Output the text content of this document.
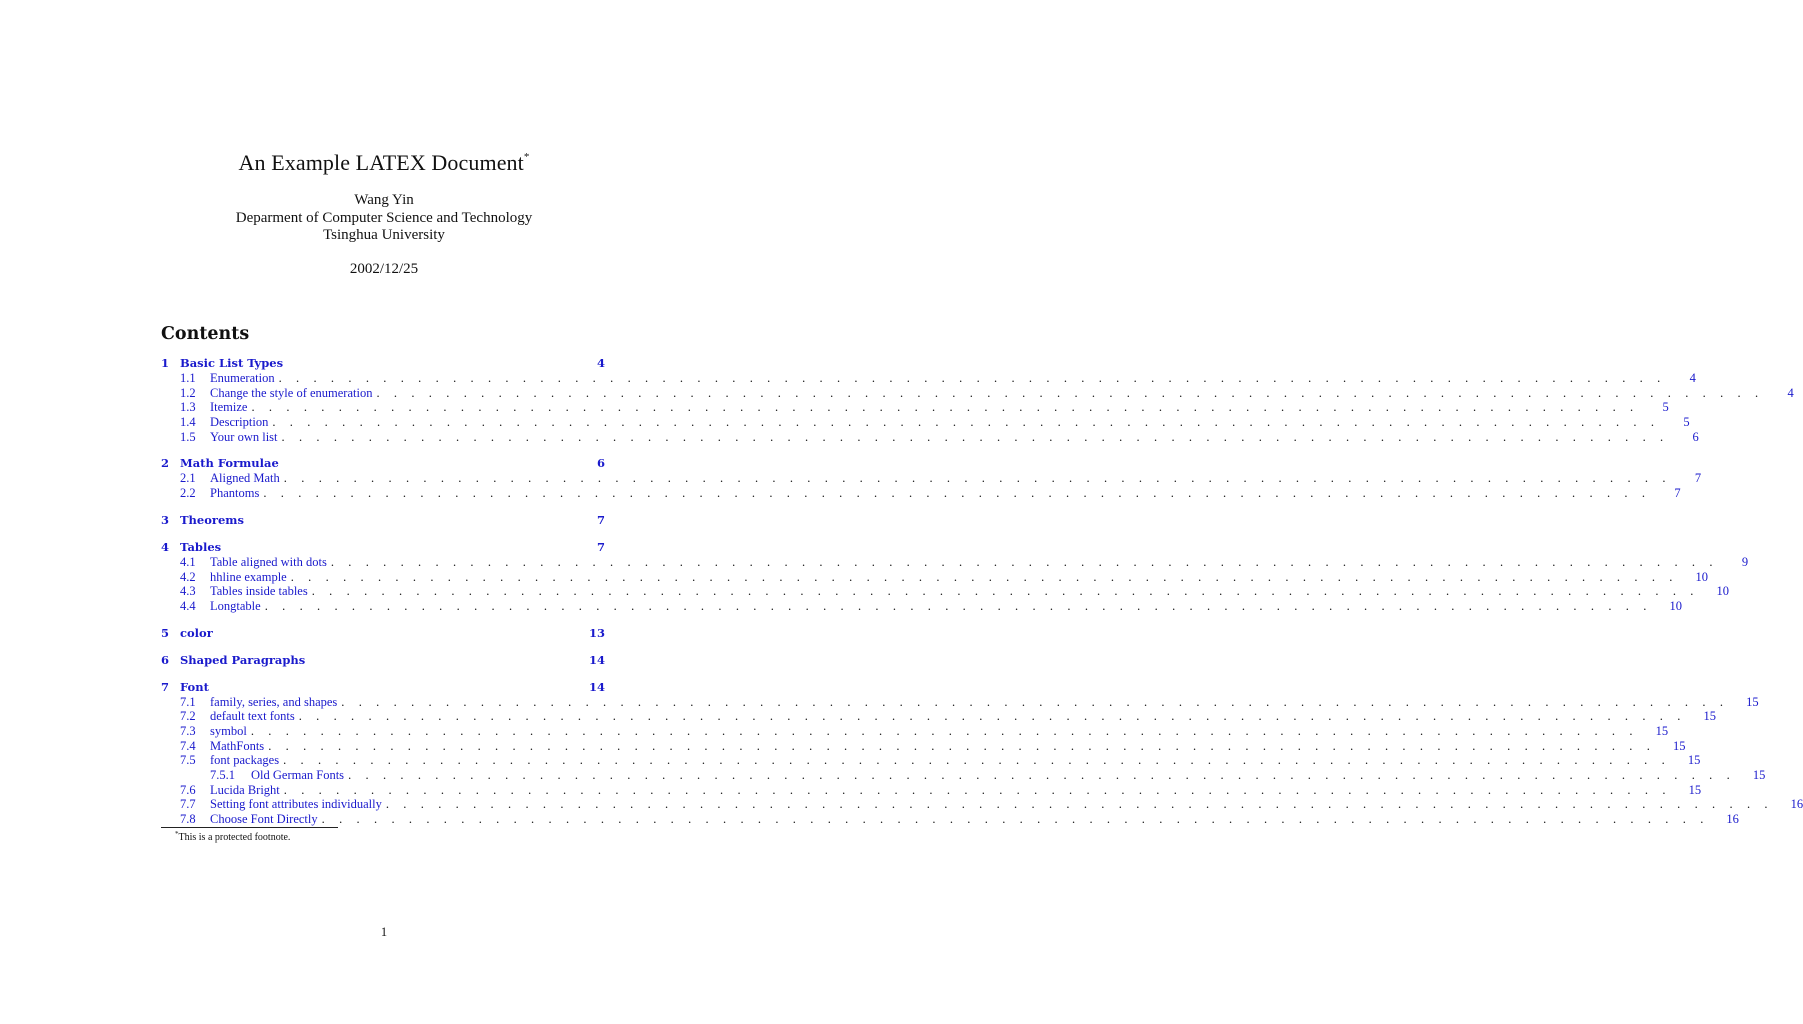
An Example LATEX Document*
Wang Yin
Deparment of Computer Science and Technology
Tsinghua University
2002/12/25
Contents
1 Basic List Types	4
1.1	Enumeration . . . . . . . . . . . . . . . . . . . . . . . . . . . . . . . . . . . . . . . . . . . . . . . . . . . . . . . . . . . . . . . . . . . . . . . . . . . . . . . .	4
1.2	Change the style of enumeration . . . . . . . . . . . . . . . . . . . . . . . . . . . . . . . . . . . . . . . . . . . . . . . . . . . . . . . . . . . . . . . . . . . . . . . . . . . . . . . .	4
1.3	Itemize . . . . . . . . . . . . . . . . . . . . . . . . . . . . . . . . . . . . . . . . . . . . . . . . . . . . . . . . . . . . . . . . . . . . . . . . . . . . . . . .	5
1.4	Description . . . . . . . . . . . . . . . . . . . . . . . . . . . . . . . . . . . . . . . . . . . . . . . . . . . . . . . . . . . . . . . . . . . . . . . . . . . . . . . .	5
1.5	Your own list . . . . . . . . . . . . . . . . . . . . . . . . . . . . . . . . . . . . . . . . . . . . . . . . . . . . . . . . . . . . . . . . . . . . . . . . . . . . . . . .	6
2 Math Formulae	6
2.1	Aligned Math . . . . . . . . . . . . . . . . . . . . . . . . . . . . . . . . . . . . . . . . . . . . . . . . . . . . . . . . . . . . . . . . . . . . . . . . . . . . . . . .	7
2.2	Phantoms . . . . . . . . . . . . . . . . . . . . . . . . . . . . . . . . . . . . . . . . . . . . . . . . . . . . . . . . . . . . . . . . . . . . . . . . . . . . . . . .	7
3 Theorems	7
4 Tables	7
4.1	Table aligned with dots . . . . . . . . . . . . . . . . . . . . . . . . . . . . . . . . . . . . . . . . . . . . . . . . . . . . . . . . . . . . . . . . . . . . . . . . . . . . . . . .	9
4.2	hhline example . . . . . . . . . . . . . . . . . . . . . . . . . . . . . . . . . . . . . . . . . . . . . . . . . . . . . . . . . . . . . . . . . . . . . . . . . . . . . . . .	10
4.3	Tables inside tables . . . . . . . . . . . . . . . . . . . . . . . . . . . . . . . . . . . . . . . . . . . . . . . . . . . . . . . . . . . . . . . . . . . . . . . . . . . . . . . .	10
4.4	Longtable . . . . . . . . . . . . . . . . . . . . . . . . . . . . . . . . . . . . . . . . . . . . . . . . . . . . . . . . . . . . . . . . . . . . . . . . . . . . . . . .	10
5 color	13
6 Shaped Paragraphs	14
7 Font	14
7.1	family, series, and shapes . . . . . . . . . . . . . . . . . . . . . . . . . . . . . . . . . . . . . . . . . . . . . . . . . . . . . . . . . . . . . . . . . . . . . . . . . . . . . . . .	15
7.2	default text fonts . . . . . . . . . . . . . . . . . . . . . . . . . . . . . . . . . . . . . . . . . . . . . . . . . . . . . . . . . . . . . . . . . . . . . . . . . . . . . . . .	15
7.3	symbol . . . . . . . . . . . . . . . . . . . . . . . . . . . . . . . . . . . . . . . . . . . . . . . . . . . . . . . . . . . . . . . . . . . . . . . . . . . . . . . .	15
7.4	MathFonts . . . . . . . . . . . . . . . . . . . . . . . . . . . . . . . . . . . . . . . . . . . . . . . . . . . . . . . . . . . . . . . . . . . . . . . . . . . . . . . .	15
7.5	font packages . . . . . . . . . . . . . . . . . . . . . . . . . . . . . . . . . . . . . . . . . . . . . . . . . . . . . . . . . . . . . . . . . . . . . . . . . . . . . . . .	15
7.5.1	Old German Fonts . . . . . . . . . . . . . . . . . . . . . . . . . . . . . . . . . . . . . . . . . . . . . . . . . . . . . . . . . . . . . . . . . . . . . . . . . . . . . . . .	15
7.6	Lucida Bright . . . . . . . . . . . . . . . . . . . . . . . . . . . . . . . . . . . . . . . . . . . . . . . . . . . . . . . . . . . . . . . . . . . . . . . . . . . . . . . .	15
7.7	Setting font attributes individually . . . . . . . . . . . . . . . . . . . . . . . . . . . . . . . . . . . . . . . . . . . . . . . . . . . . . . . . . . . . . . . . . . . . . . . . . . . . . . . .	16
7.8	Choose Font Directly . . . . . . . . . . . . . . . . . . . . . . . . . . . . . . . . . . . . . . . . . . . . . . . . . . . . . . . . . . . . . . . . . . . . . . . . . . . . . . . .	16
*This is a protected footnote.
1
